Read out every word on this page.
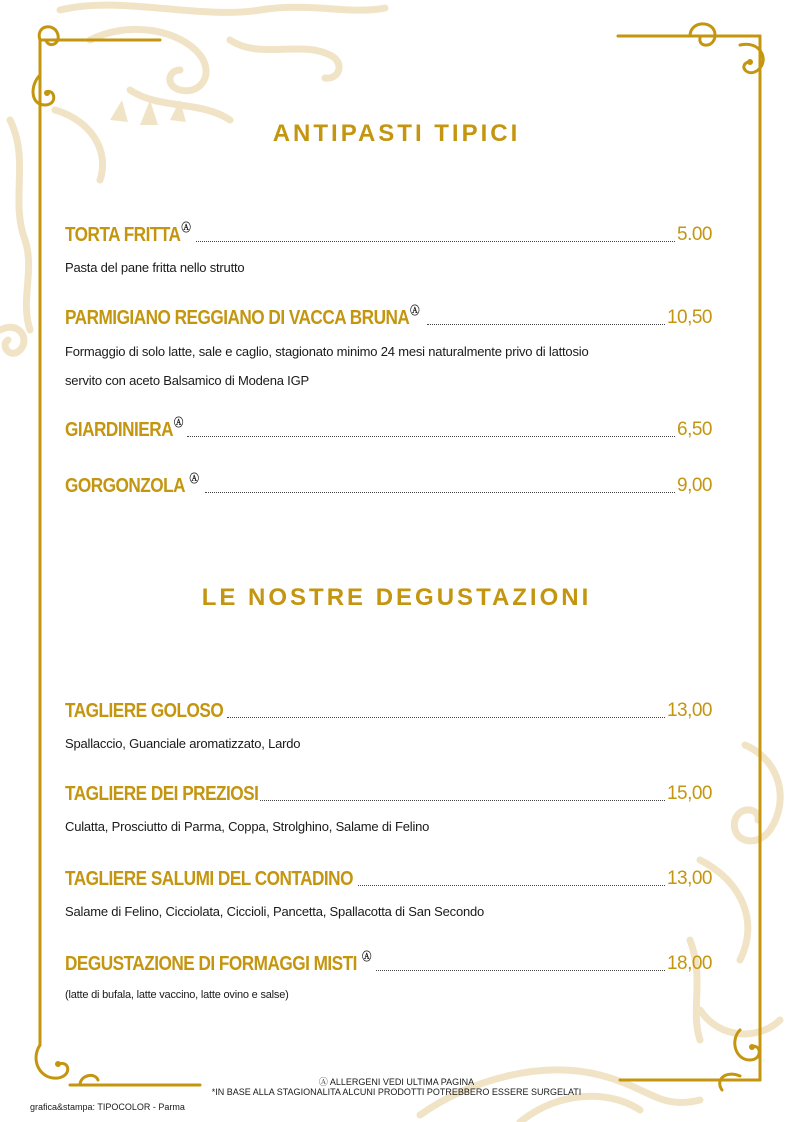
ANTIPASTI TIPICI
TORTA FRITTAⒶ	5.00
Pasta del pane fritta nello strutto
PARMIGIANO REGGIANO DI VACCA BRUNAⒶ	10,50
Formaggio di solo latte, sale e caglio, stagionato minimo 24 mesi naturalmente privo di lattosio
servito con aceto Balsamico di Modena IGP
GIARDINIERAⒶ	6,50
GORGONZOLA Ⓐ	9,00
LE NOSTRE DEGUSTAZIONI
TAGLIERE GOLOSO	13,00
Spallaccio, Guanciale aromatizzato, Lardo
TAGLIERE DEI PREZIOSI	15,00
Culatta, Prosciutto di Parma, Coppa, Strolghino, Salame di Felino
TAGLIERE SALUMI DEL CONTADINO	13,00
Salame di Felino, Cicciolata, Ciccioli, Pancetta, Spallacotta di San Secondo
DEGUSTAZIONE DI FORMAGGI MISTI Ⓐ	18,00
(latte di bufala, latte vaccino, latte ovino e salse)
Ⓐ ALLERGENI VEDI ULTIMA PAGINA
*IN BASE ALLA STAGIONALITA ALCUNI PRODOTTI POTREBBERO ESSERE SURGELATI
grafica&stampa: TIPOCOLOR - Parma
